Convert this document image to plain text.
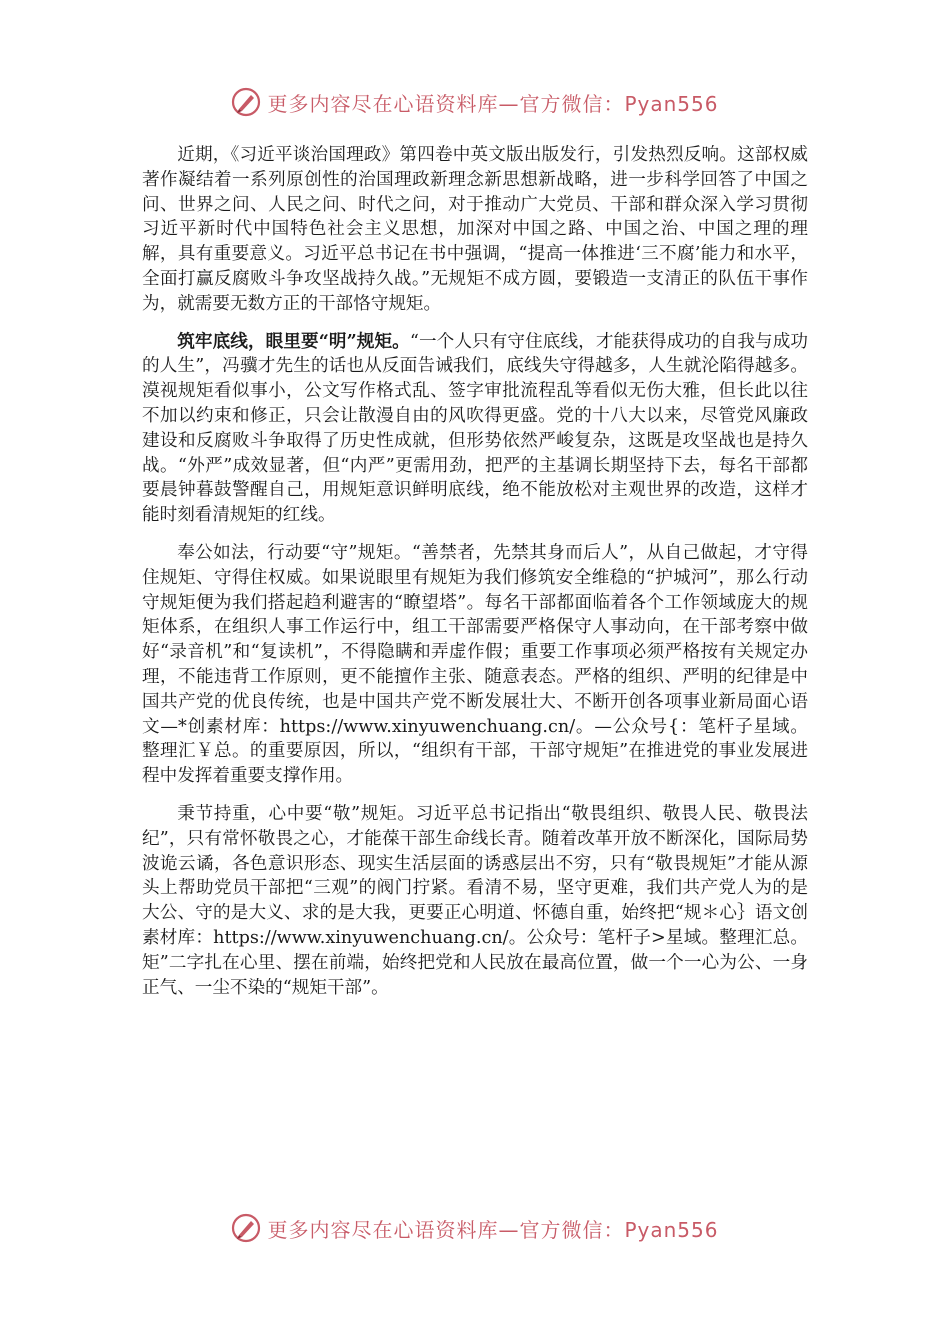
更多内容尽在心语资料库—官方微信：Pyan556

近期，《习近平谈治国理政》第四卷中英文版出版发行，引发热烈反响。这部权威著作凝结着一系列原创性的治国理政新理念新思想新战略，进一步科学回答了中国之问、世界之问、人民之问、时代之问，对于推动广大党员、干部和群众深入学习贯彻习近平新时代中国特色社会主义思想，加深对中国之路、中国之治、中国之理的理解，具有重要意义。习近平总书记在书中强调，“提高一体推进‘三不腐’能力和水平，全面打赢反腐败斗争攻坚战持久战。”无规矩不成方圆，要锻造一支清正的队伍干事作为，就需要无数方正的干部恪守规矩。

筑牢底线，眼里要“明”规矩。“一个人只有守住底线，才能获得成功的自我与成功的人生”，冯骥才先生的话也从反面告诫我们，底线失守得越多，人生就沦陷得越多。漠视规矩看似事小，公文写作格式乱、签字审批流程乱等看似无伤大雅，但长此以往不加以约束和修正，只会让散漫自由的风吹得更盛。党的十八大以来，尽管党风廉政建设和反腐败斗争取得了历史性成就，但形势依然严峻复杂，这既是攻坚战也是持久战。“外严”成效显著，但“内严”更需用劲，把严的主基调长期坚持下去，每名干部都要晨钟暮鼓警醒自己，用规矩意识鲜明底线，绝不能放松对主观世界的改造，这样才能时刻看清规矩的红线。

奉公如法，行动要“守”规矩。“善禁者，先禁其身而后人”，从自己做起，才守得住规矩、守得住权威。如果说眼里有规矩为我们修筑安全维稳的“护城河”，那么行动守规矩便为我们搭起趋利避害的“瞭望塔”。每名干部都面临着各个工作领域庞大的规矩体系，在组织人事工作运行中，组工干部需要严格保守人事动向，在干部考察中做好“录音机”和“复读机”，不得隐瞒和弄虚作假；重要工作事项必须严格按有关规定办理，不能违背工作原则，更不能擅作主张、随意表态。严格的组织、严明的纪律是中国共产党的优良传统，也是中国共产党不断发展壮大、不断开创各项事业新局面心语文—*创素材库：https://www.xinyuwenchuang.cn/。—公众号{：笔杆子星域。整理汇￥总。的重要原因，所以，“组织有干部，干部守规矩”在推进党的事业发展进程中发挥着重要支撑作用。

秉节持重，心中要“敬”规矩。习近平总书记指出“敬畏组织、敬畏人民、敬畏法纪”，只有常怀敬畏之心，才能葆干部生命线长青。随着改革开放不断深化，国际局势波诡云谲，各色意识形态、现实生活层面的诱惑层出不穷，只有“敬畏规矩”才能从源头上帮助党员干部把“三观”的阀门拧紧。看清不易，坚守更难，我们共产党人为的是大公、守的是大义、求的是大我，更要正心明道、怀德自重，始终把“规＊心｝语文创素材库：https://www.xinyuwenchuang.cn/。公众号：笔杆子>星域。整理汇总。矩”二字扎在心里、摆在前端，始终把党和人民放在最高位置，做一个一心为公、一身正气、一尘不染的“规矩干部”。

更多内容尽在心语资料库—官方微信：Pyan556
